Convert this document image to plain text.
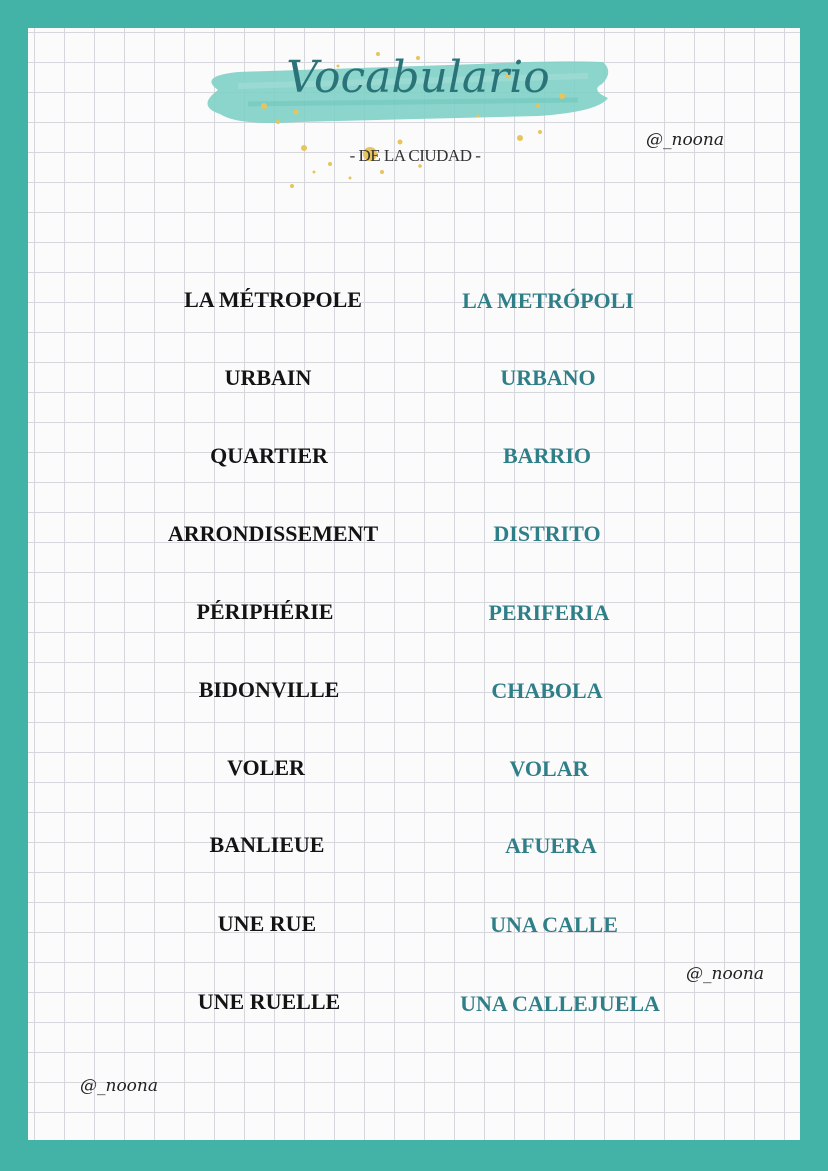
Vocabulario
- DE LA CIUDAD -
@_noona
@_noona
@_noona
LA MÉTROPOLE	LA METRÓPOLI
URBAIN	URBANO
QUARTIER	BARRIO
ARRONDISSEMENT	DISTRITO
PÉRIPHÉRIE	PERIFERIA
BIDONVILLE	CHABOLA
VOLER	VOLAR
BANLIEUE	AFUERA
UNE RUE	UNA CALLE
UNE RUELLE	UNA CALLEJUELA
